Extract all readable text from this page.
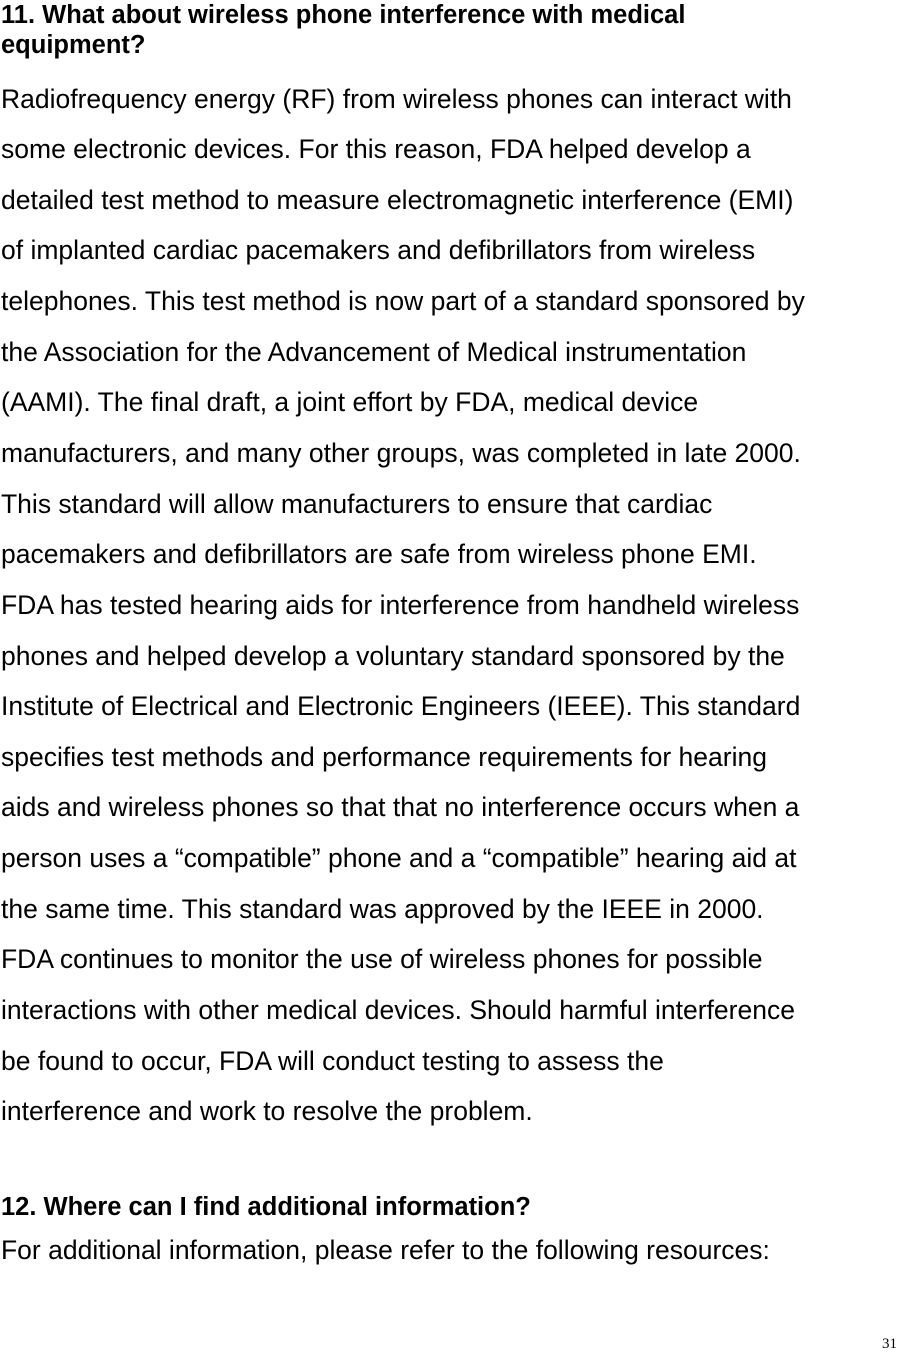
11. What about wireless phone interference with medical
equipment?

Radiofrequency energy (RF) from wireless phones can interact with

some electronic devices. For this reason, FDA helped develop a

detailed test method to measure electromagnetic interference (EMI)

of implanted cardiac pacemakers and defibrillators from wireless

telephones. This test method is now part of a standard sponsored by

the Association for the Advancement of Medical instrumentation

(AAMI). The final draft, a joint effort by FDA, medical device

manufacturers, and many other groups, was completed in late 2000.

This standard will allow manufacturers to ensure that cardiac

pacemakers and defibrillators are safe from wireless phone EMI.

FDA has tested hearing aids for interference from handheld wireless

phones and helped develop a voluntary standard sponsored by the

Institute of Electrical and Electronic Engineers (IEEE). This standard

specifies test methods and performance requirements for hearing

aids and wireless phones so that that no interference occurs when a

person uses a “compatible” phone and a “compatible” hearing aid at

the same time. This standard was approved by the IEEE in 2000.

FDA continues to monitor the use of wireless phones for possible

interactions with other medical devices. Should harmful interference

be found to occur, FDA will conduct testing to assess the

interference and work to resolve the problem.

12. Where can I find additional information?

For additional information, please refer to the following resources:

31
